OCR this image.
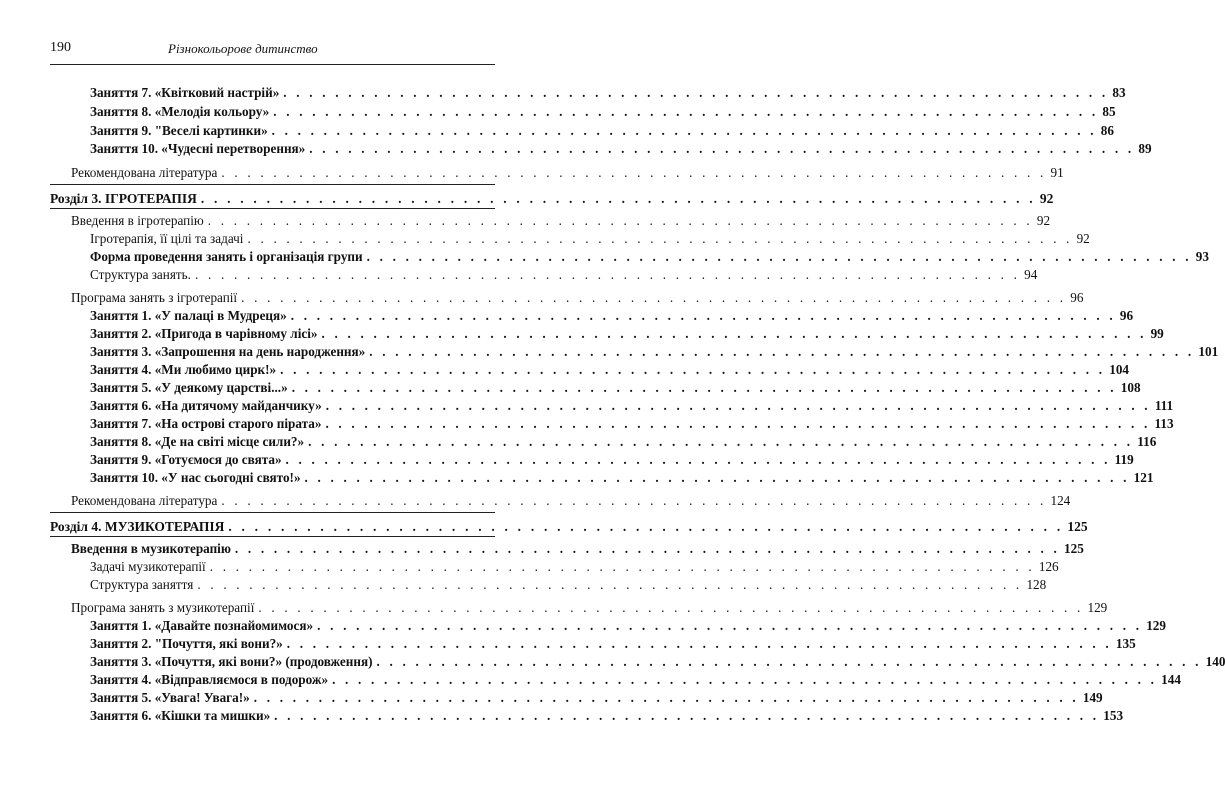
190	Різнокольорове дитинство
Заняття 7. «Квітковий настрій» . . . . . . . . . . . . . . . . . . . . . . . . . . . . . . . . . . . . . . . . . . . . . . . . . . . . . . . . . . . . . . . . 83
Заняття 8. «Мелодія кольору» . . . . . . . . . . . . . . . . . . . . . . . . . . . . . . . . . . . . . . . . . . . . . . . . . . . . . . . . . . . . . . . . 85
Заняття 9. "Веселі картинки» . . . . . . . . . . . . . . . . . . . . . . . . . . . . . . . . . . . . . . . . . . . . . . . . . . . . . . . . . . . . . . . . 86
Заняття 10. «Чудесні перетворення» . . . . . . . . . . . . . . . . . . . . . . . . . . . . . . . . . . . . . . . . . . . . . . . . . . . . . . . . . . . . . . . . 89
Рекомендована література . . . . . . . . . . . . . . . . . . . . . . . . . . . . . . . . . . . . . . . . . . . . . . . . . . . . . . . . . . . . . . . . 91
Розділ 3. ІГРОТЕРАПІЯ . . . . . . . . . . . . . . . . . . . . . . . . . . . . . . . . . . . . . . . . . . . . . . . . . . . . . . . . . . . . . . . . 92
Введення в ігротерапію . . . . . . . . . . . . . . . . . . . . . . . . . . . . . . . . . . . . . . . . . . . . . . . . . . . . . . . . . . . . . . . . 92
Ігротерапія, її цілі та задачі . . . . . . . . . . . . . . . . . . . . . . . . . . . . . . . . . . . . . . . . . . . . . . . . . . . . . . . . . . . . . . . . 92
Форма проведення занять і організація групи . . . . . . . . . . . . . . . . . . . . . . . . . . . . . . . . . . . . . . . . . . . . . . . . . . . . . . . . . . . . . . . . 93
Структура занять. . . . . . . . . . . . . . . . . . . . . . . . . . . . . . . . . . . . . . . . . . . . . . . . . . . . . . . . . . . . . . . . . 94
Програма занять з ігротерапії . . . . . . . . . . . . . . . . . . . . . . . . . . . . . . . . . . . . . . . . . . . . . . . . . . . . . . . . . . . . . . . . 96
Заняття 1. «У палаці в Мудреця» . . . . . . . . . . . . . . . . . . . . . . . . . . . . . . . . . . . . . . . . . . . . . . . . . . . . . . . . . . . . . . . . 96
Заняття 2. «Пригода в чарівному лісі» . . . . . . . . . . . . . . . . . . . . . . . . . . . . . . . . . . . . . . . . . . . . . . . . . . . . . . . . . . . . . . . . 99
Заняття 3. «Запрошення на день народження» . . . . . . . . . . . . . . . . . . . . . . . . . . . . . . . . . . . . . . . . . . . . . . . . . . . . . . . . . . . . . . . . 101
Заняття 4. «Ми любимо цирк!» . . . . . . . . . . . . . . . . . . . . . . . . . . . . . . . . . . . . . . . . . . . . . . . . . . . . . . . . . . . . . . . . 104
Заняття 5. «У деякому царстві...» . . . . . . . . . . . . . . . . . . . . . . . . . . . . . . . . . . . . . . . . . . . . . . . . . . . . . . . . . . . . . . . . 108
Заняття 6. «На дитячому майданчику» . . . . . . . . . . . . . . . . . . . . . . . . . . . . . . . . . . . . . . . . . . . . . . . . . . . . . . . . . . . . . . . . 111
Заняття 7. «На острові старого пірата» . . . . . . . . . . . . . . . . . . . . . . . . . . . . . . . . . . . . . . . . . . . . . . . . . . . . . . . . . . . . . . . . 113
Заняття 8. «Де на світі місце сили?» . . . . . . . . . . . . . . . . . . . . . . . . . . . . . . . . . . . . . . . . . . . . . . . . . . . . . . . . . . . . . . . . 116
Заняття 9. «Готуємося до свята» . . . . . . . . . . . . . . . . . . . . . . . . . . . . . . . . . . . . . . . . . . . . . . . . . . . . . . . . . . . . . . . . 119
Заняття 10. «У нас сьогодні свято!» . . . . . . . . . . . . . . . . . . . . . . . . . . . . . . . . . . . . . . . . . . . . . . . . . . . . . . . . . . . . . . . . 121
Рекомендована література . . . . . . . . . . . . . . . . . . . . . . . . . . . . . . . . . . . . . . . . . . . . . . . . . . . . . . . . . . . . . . . . 124
Розділ 4. МУЗИКОТЕРАПІЯ . . . . . . . . . . . . . . . . . . . . . . . . . . . . . . . . . . . . . . . . . . . . . . . . . . . . . . . . . . . . . . . . 125
Введення в музикотерапію . . . . . . . . . . . . . . . . . . . . . . . . . . . . . . . . . . . . . . . . . . . . . . . . . . . . . . . . . . . . . . . . 125
Задачі музикотерапії . . . . . . . . . . . . . . . . . . . . . . . . . . . . . . . . . . . . . . . . . . . . . . . . . . . . . . . . . . . . . . . . 126
Структура заняття . . . . . . . . . . . . . . . . . . . . . . . . . . . . . . . . . . . . . . . . . . . . . . . . . . . . . . . . . . . . . . . . 128
Програма занять з музикотерапії . . . . . . . . . . . . . . . . . . . . . . . . . . . . . . . . . . . . . . . . . . . . . . . . . . . . . . . . . . . . . . . . 129
Заняття 1. «Давайте познайомимося» . . . . . . . . . . . . . . . . . . . . . . . . . . . . . . . . . . . . . . . . . . . . . . . . . . . . . . . . . . . . . . . . 129
Заняття 2. "Почуття, які вони?» . . . . . . . . . . . . . . . . . . . . . . . . . . . . . . . . . . . . . . . . . . . . . . . . . . . . . . . . . . . . . . . . 135
Заняття 3. «Почуття, які вони?» (продовження) . . . . . . . . . . . . . . . . . . . . . . . . . . . . . . . . . . . . . . . . . . . . . . . . . . . . . . . . . . . . . . . . 140
Заняття 4. «Відправляємося в подорож» . . . . . . . . . . . . . . . . . . . . . . . . . . . . . . . . . . . . . . . . . . . . . . . . . . . . . . . . . . . . . . . . 144
Заняття 5. «Увага! Увага!» . . . . . . . . . . . . . . . . . . . . . . . . . . . . . . . . . . . . . . . . . . . . . . . . . . . . . . . . . . . . . . . . 149
Заняття 6. «Кішки та мишки» . . . . . . . . . . . . . . . . . . . . . . . . . . . . . . . . . . . . . . . . . . . . . . . . . . . . . . . . . . . . . . . . 153
